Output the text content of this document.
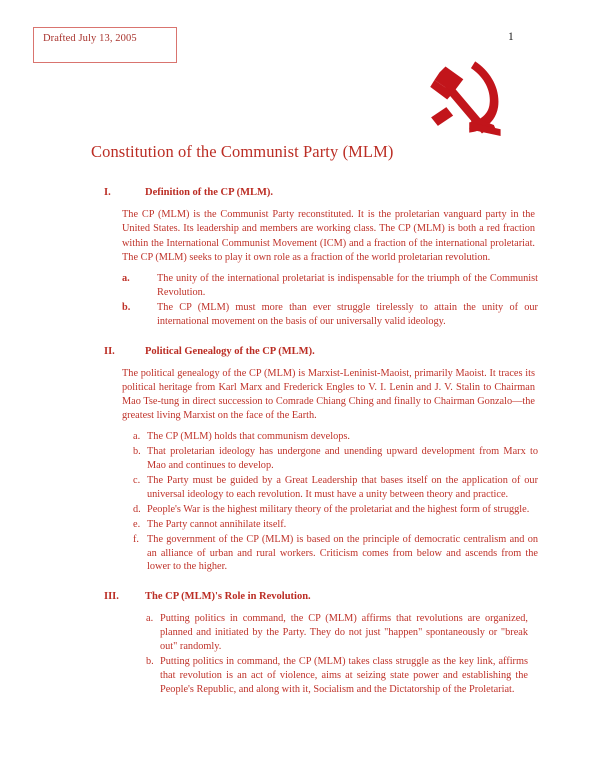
Drafted July 13, 2005	1
Constitution of the Communist Party (MLM)
I.	Definition of the CP (MLM).

The CP (MLM) is the Communist Party reconstituted. It is the proletarian vanguard party in the United States. Its leadership and members are working class. The CP (MLM) is both a red fraction within the International Communist Movement (ICM) and a fraction of the international proletariat. The CP (MLM) seeks to play it own role as a fraction of the world proletarian revolution.

a.	The unity of the international proletariat is indispensable for the triumph of the Communist Revolution.
b.	The CP (MLM) must more than ever struggle tirelessly to attain the unity of our international movement on the basis of our universally valid ideology.
II.	Political Genealogy of the CP (MLM).

The political genealogy of the CP (MLM) is Marxist-Leninist-Maoist, primarily Maoist. It traces its political heritage from Karl Marx and Frederick Engles to V. I. Lenin and J. V. Stalin to Chairman Mao Tse-tung in direct succession to Comrade Chiang Ching and finally to Chairman Gonzalo—the greatest living Marxist on the face of the Earth.

a. The CP (MLM) holds that communism develops.
b. That proletarian ideology has undergone and unending upward development from Marx to Mao and continues to develop.
c. The Party must be guided by a Great Leadership that bases itself on the application of our universal ideology to each revolution. It must have a unity between theory and practice.
d. People's War is the highest military theory of the proletariat and the highest form of struggle.
e. The Party cannot annihilate itself.
f. The government of the CP (MLM) is based on the principle of democratic centralism and on an alliance of urban and rural workers. Criticism comes from below and ascends from the lower to the higher.
III. The CP (MLM)'s Role in Revolution.
a. Putting politics in command, the CP (MLM) affirms that revolutions are organized, planned and initiated by the Party. They do not just "happen" spontaneously or "break out" randomly.
b. Putting politics in command, the CP (MLM) takes class struggle as the key link, affirms that revolution is an act of violence, aims at seizing state power and establishing the People's Republic, and along with it, Socialism and the Dictatorship of the Proletariat.
